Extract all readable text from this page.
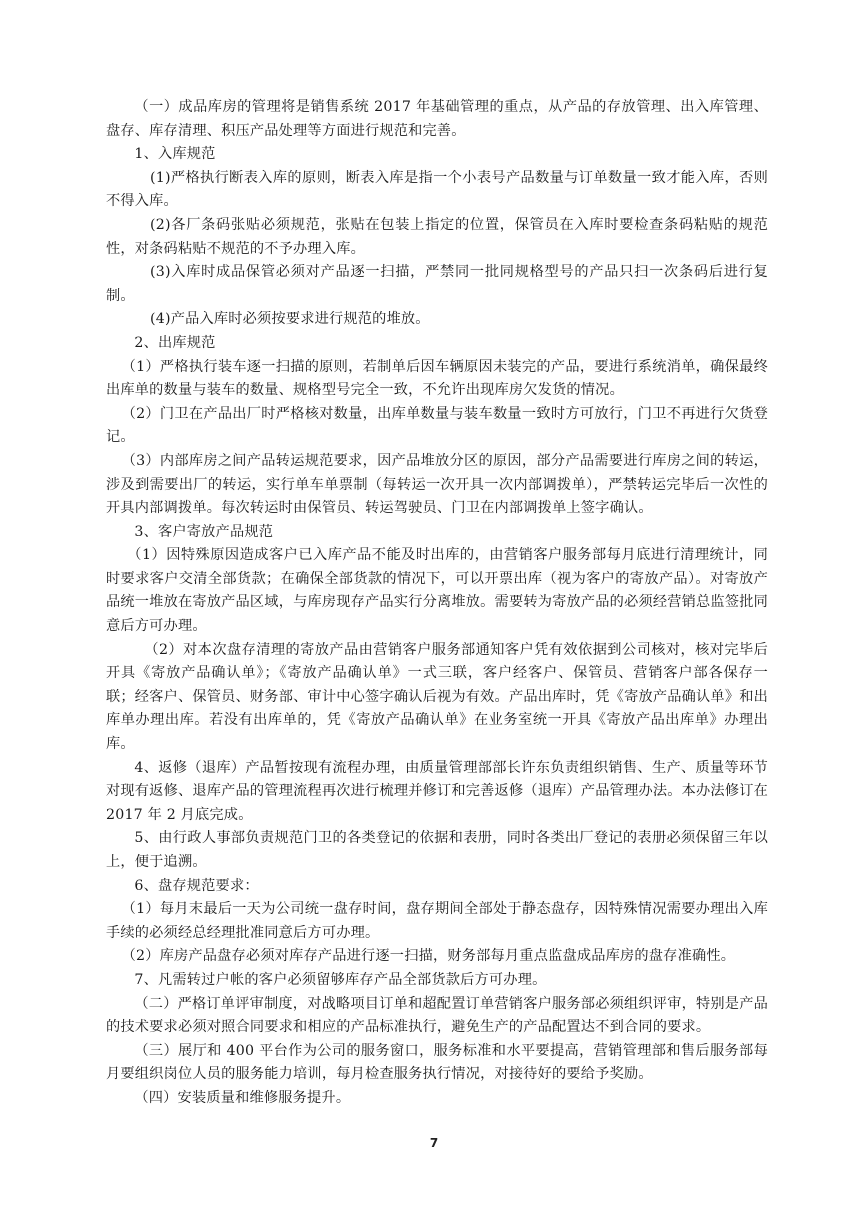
（一）成品库房的管理将是销售系统 2017 年基础管理的重点，从产品的存放管理、出入库管理、盘存、库存清理、积压产品处理等方面进行规范和完善。

1、入库规范

(1)严格执行断表入库的原则，断表入库是指一个小表号产品数量与订单数量一致才能入库，否则不得入库。

(2)各厂条码张贴必须规范，张贴在包装上指定的位置，保管员在入库时要检查条码粘贴的规范性，对条码粘贴不规范的不予办理入库。

(3)入库时成品保管必须对产品逐一扫描，严禁同一批同规格型号的产品只扫一次条码后进行复制。

(4)产品入库时必须按要求进行规范的堆放。

2、出库规范

（1）严格执行装车逐一扫描的原则，若制单后因车辆原因未装完的产品，要进行系统消单，确保最终出库单的数量与装车的数量、规格型号完全一致，不允许出现库房欠发货的情况。

（2）门卫在产品出厂时严格核对数量，出库单数量与装车数量一致时方可放行，门卫不再进行欠货登记。

（3）内部库房之间产品转运规范要求，因产品堆放分区的原因，部分产品需要进行库房之间的转运，涉及到需要出厂的转运，实行单车单票制（每转运一次开具一次内部调拨单），严禁转运完毕后一次性的开具内部调拨单。每次转运时由保管员、转运驾驶员、门卫在内部调拨单上签字确认。

3、客户寄放产品规范

（1）因特殊原因造成客户已入库产品不能及时出库的，由营销客户服务部每月底进行清理统计，同时要求客户交清全部货款；在确保全部货款的情况下，可以开票出库（视为客户的寄放产品）。对寄放产品统一堆放在寄放产品区域，与库房现存产品实行分离堆放。需要转为寄放产品的必须经营销总监签批同意后方可办理。

（2）对本次盘存清理的寄放产品由营销客户服务部通知客户凭有效依据到公司核对，核对完毕后开具《寄放产品确认单》；《寄放产品确认单》一式三联，客户经客户、保管员、营销客户部各保存一联；经客户、保管员、财务部、审计中心签字确认后视为有效。产品出库时，凭《寄放产品确认单》和出库单办理出库。若没有出库单的，凭《寄放产品确认单》在业务室统一开具《寄放产品出库单》办理出库。

4、返修（退库）产品暂按现有流程办理，由质量管理部部长许东负责组织销售、生产、质量等环节对现有返修、退库产品的管理流程再次进行梳理并修订和完善返修（退库）产品管理办法。本办法修订在 2017 年 2 月底完成。

5、由行政人事部负责规范门卫的各类登记的依据和表册，同时各类出厂登记的表册必须保留三年以上，便于追溯。

6、盘存规范要求：

（1）每月末最后一天为公司统一盘存时间，盘存期间全部处于静态盘存，因特殊情况需要办理出入库手续的必须经总经理批准同意后方可办理。

（2）库房产品盘存必须对库存产品进行逐一扫描，财务部每月重点监盘成品库房的盘存准确性。

7、凡需转过户帐的客户必须留够库存产品全部货款后方可办理。

（二）严格订单评审制度，对战略项目订单和超配置订单营销客户服务部必须组织评审，特别是产品的技术要求必须对照合同要求和相应的产品标准执行，避免生产的产品配置达不到合同的要求。

（三）展厅和 400 平台作为公司的服务窗口，服务标准和水平要提高，营销管理部和售后服务部每月要组织岗位人员的服务能力培训，每月检查服务执行情况，对接待好的要给予奖励。

（四）安装质量和维修服务提升。

7
